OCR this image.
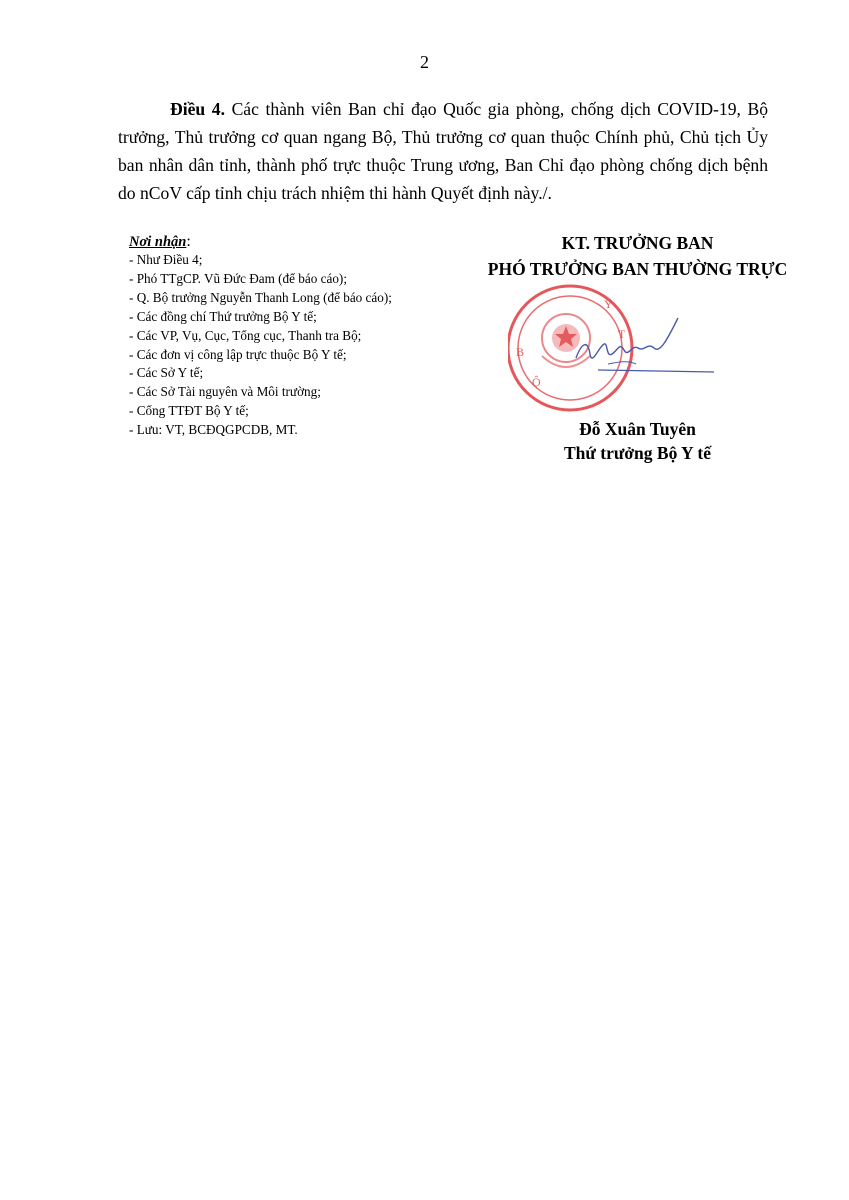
2
Điều 4. Các thành viên Ban chỉ đạo Quốc gia phòng, chống dịch COVID-19, Bộ trưởng, Thủ trưởng cơ quan ngang Bộ, Thủ trưởng cơ quan thuộc Chính phủ, Chủ tịch Ủy ban nhân dân tỉnh, thành phố trực thuộc Trung ương, Ban Chỉ đạo phòng chống dịch bệnh do nCoV cấp tỉnh chịu trách nhiệm thi hành Quyết định này./.
Nơi nhận:
- Như Điều 4;
- Phó TTgCP. Vũ Đức Đam (để báo cáo);
- Q. Bộ trưởng Nguyễn Thanh Long (để báo cáo);
- Các đồng chí Thứ trưởng Bộ Y tế;
- Các VP, Vụ, Cục, Tổng cục, Thanh tra Bộ;
- Các đơn vị công lập trực thuộc Bộ Y tế;
- Các Sở Y tế;
- Các Sở Tài nguyên và Môi trường;
- Cổng TTĐT Bộ Y tế;
- Lưu: VT, BCĐQGPCDB, MT.
KT. TRƯỞNG BAN
PHÓ TRƯỞNG BAN THƯỜNG TRỰC
B
Ộ
Y
T
Đỗ Xuân Tuyên
Thứ trưởng Bộ Y tế
